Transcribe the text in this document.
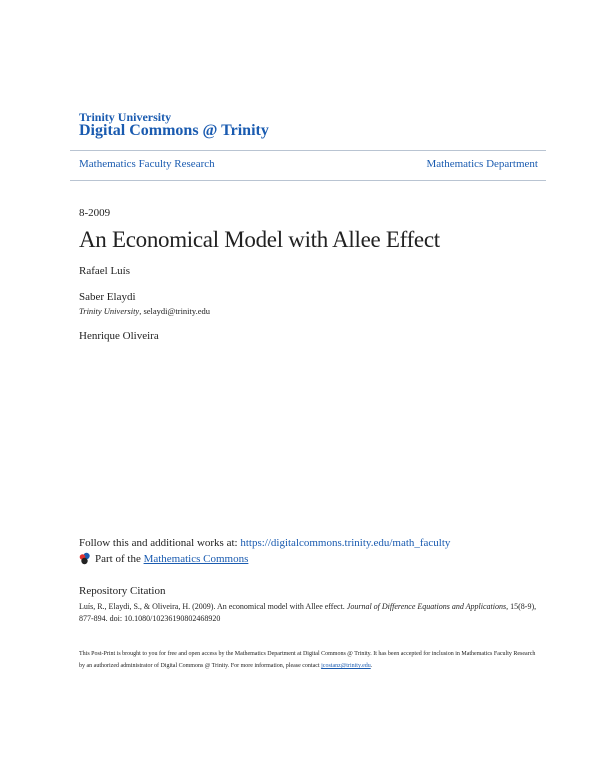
Trinity University
Digital Commons @ Trinity
Mathematics Faculty Research	Mathematics Department
8-2009
An Economical Model with Allee Effect
Rafael Luís
Saber Elaydi
Trinity University, selaydi@trinity.edu
Henrique Oliveira
Follow this and additional works at: https://digitalcommons.trinity.edu/math_faculty
Part of the
Mathematics Commons
Repository Citation
Luís, R., Elaydi, S., & Oliveira, H. (2009). An economical model with Allee effect. Journal of Difference Equations and Applications, 15(8-9), 877-894. doi: 10.1080/10236190802468920
This Post-Print is brought to you for free and open access by the Mathematics Department at Digital Commons @ Trinity. It has been accepted for inclusion in Mathematics Faculty Research by an authorized administrator of Digital Commons @ Trinity. For more information, please contact jcostanz@trinity.edu.
